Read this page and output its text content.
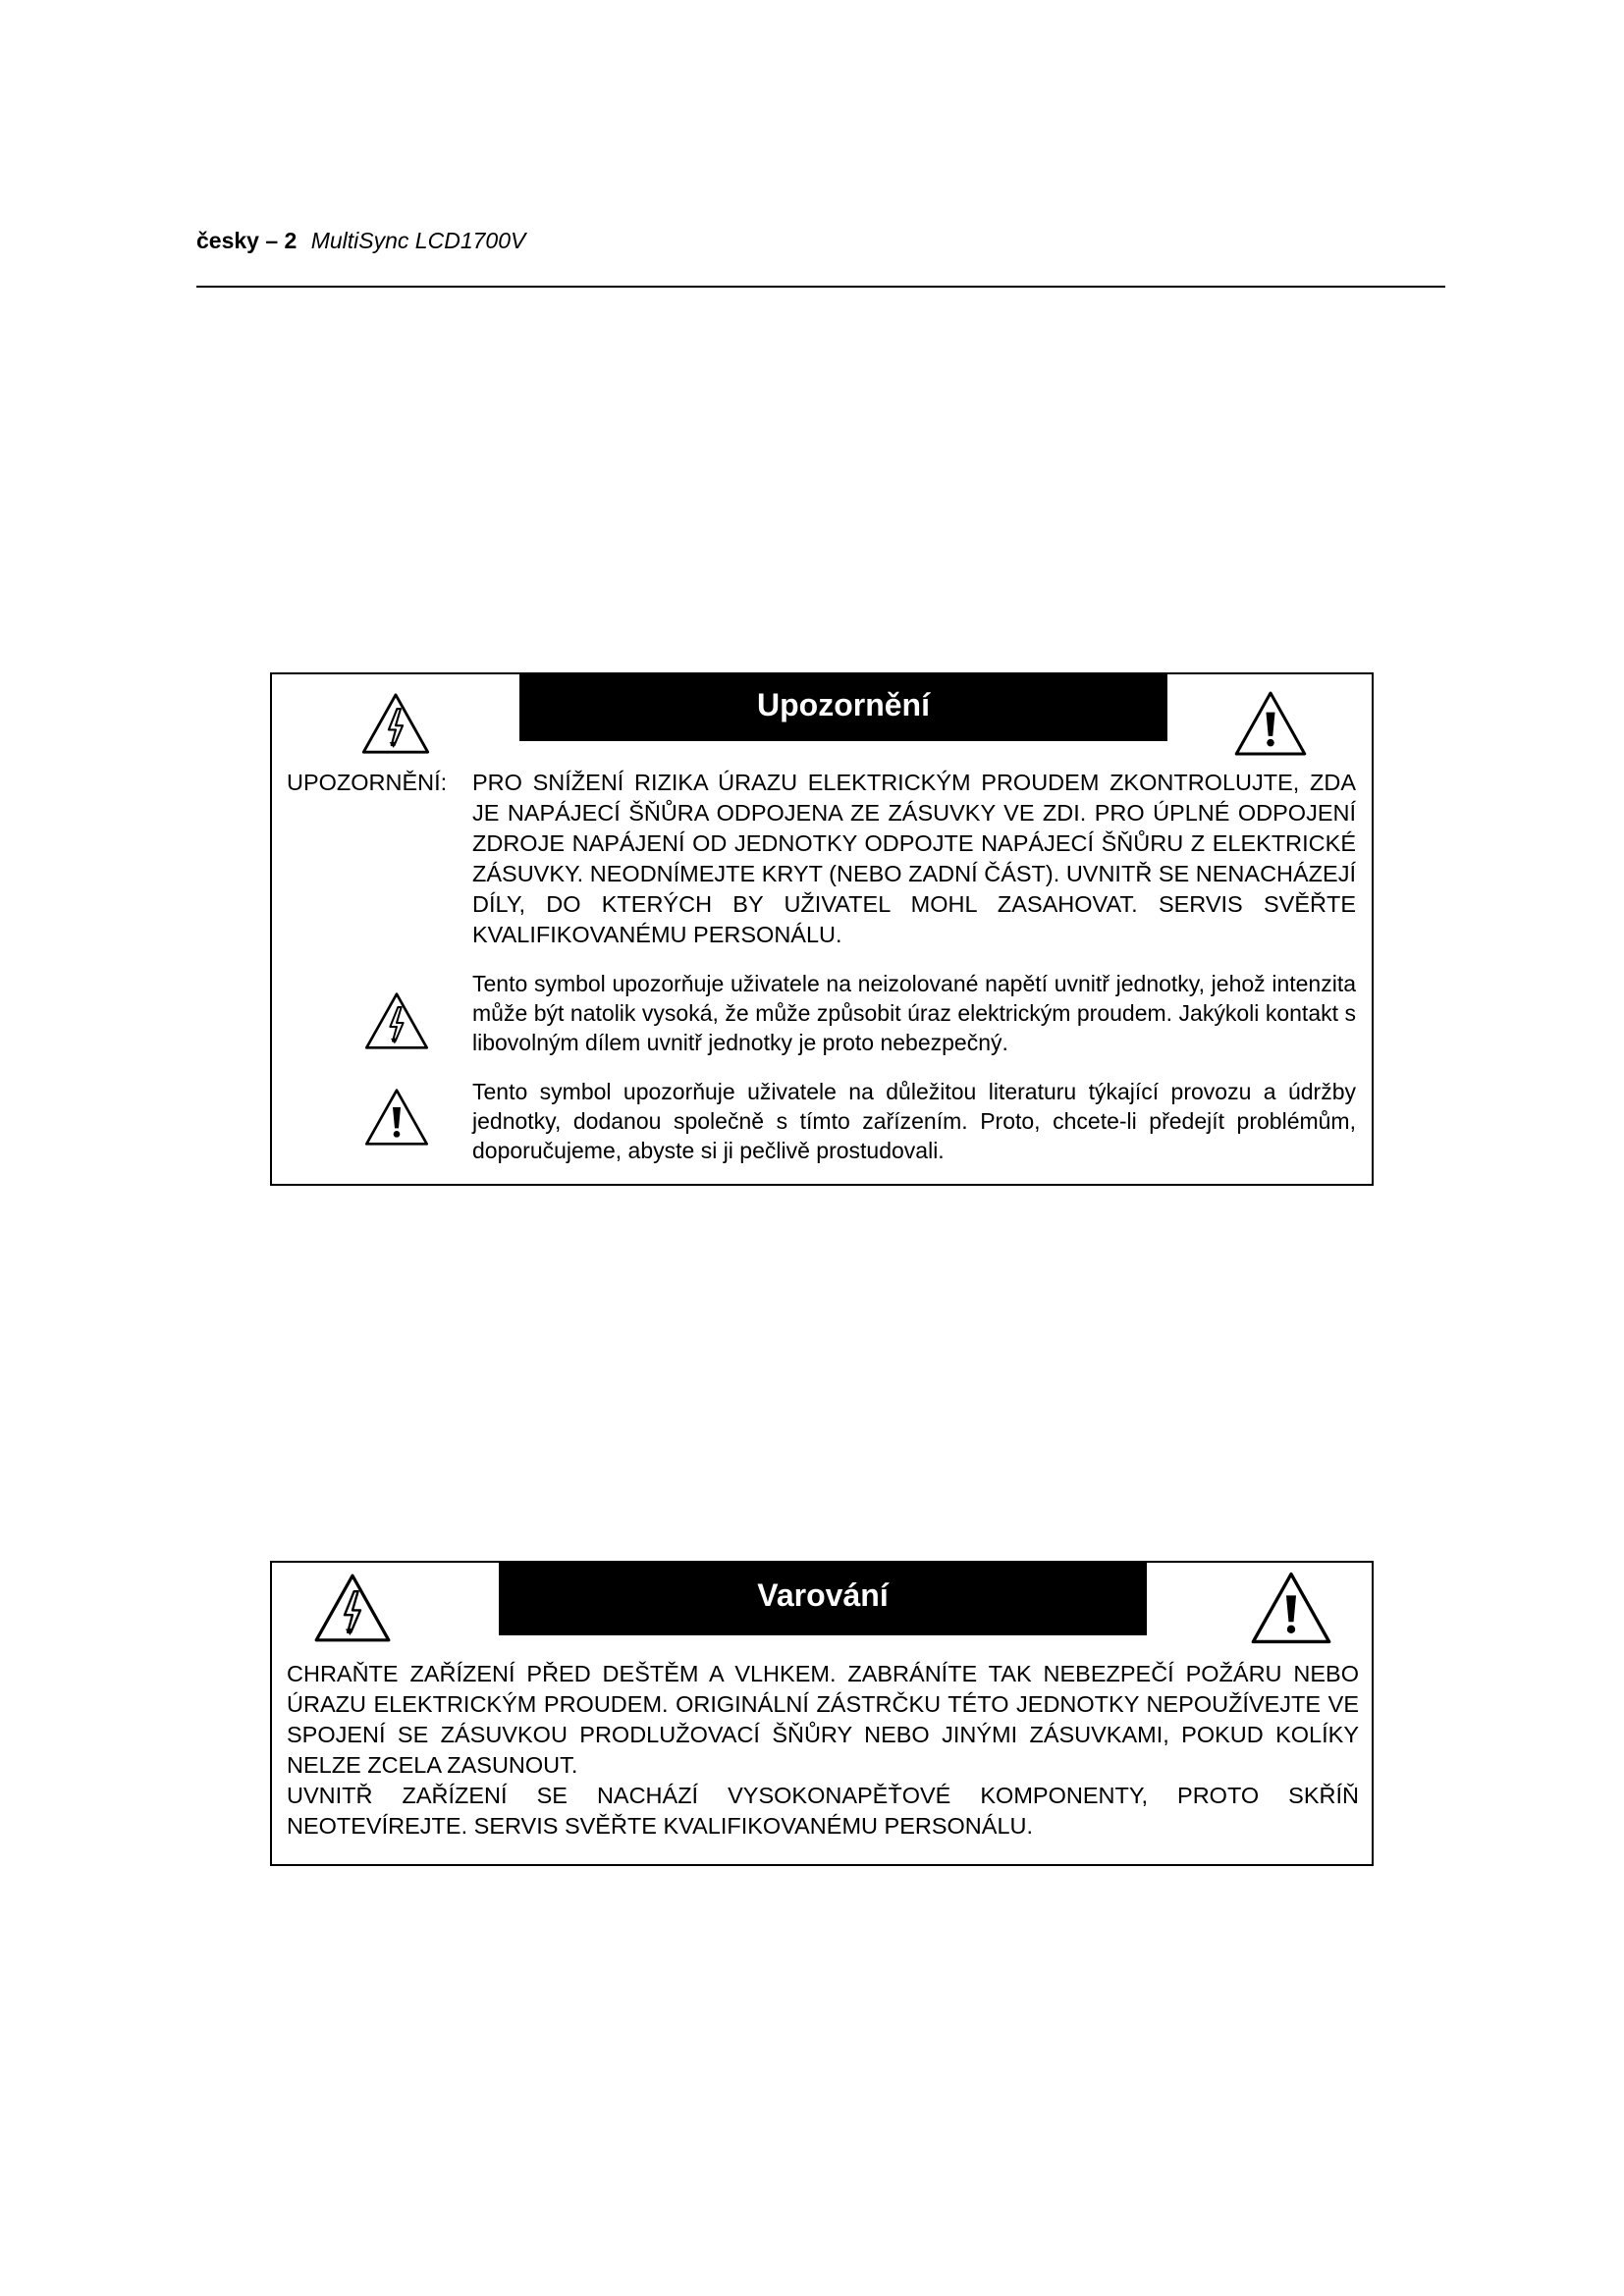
česky – 2 MultiSync LCD1700V
Upozornění
UPOZORNĚNÍ: PRO SNÍŽENÍ RIZIKA ÚRAZU ELEKTRICKÝM PROUDEM ZKONTROLUJTE, ZDA JE NAPÁJECÍ ŠŇŮRA ODPOJENA ZE ZÁSUVKY VE ZDI. PRO ÚPLNÉ ODPOJENÍ ZDROJE NAPÁJENÍ OD JEDNOTKY ODPOJTE NAPÁJECÍ ŠŇŮRU Z ELEKTRICKÉ ZÁSUVKY. NEODNÍMEJTE KRYT (NEBO ZADNÍ ČÁST). UVNITŘ SE NENACHÁZEJÍ DÍLY, DO KTERÝCH BY UŽIVATEL MOHL ZASAHOVAT. SERVIS SVĚŘTE KVALIFIKOVANÉMU PERSONÁLU.
Tento symbol upozorňuje uživatele na neizolované napětí uvnitř jednotky, jehož intenzita může být natolik vysoká, že může způsobit úraz elektrickým proudem. Jakýkoli kontakt s libovolným dílem uvnitř jednotky je proto nebezpečný.
Tento symbol upozorňuje uživatele na důležitou literaturu týkající provozu a údržby jednotky, dodanou společně s tímto zařízením. Proto, chcete-li předejít problémům, doporučujeme, abyste si ji pečlivě prostudovali.
Varování

CHRAŇTE ZAŘÍZENÍ PŘED DEŠTĚM A VLHKEM. ZABRÁNÍTE TAK NEBEZPEČÍ POŽÁRU NEBO ÚRAZU ELEKTRICKÝM PROUDEM. ORIGINÁLNÍ ZÁSTRČKU TÉTO JEDNOTKY NEPOUŽÍVEJTE VE SPOJENÍ SE ZÁSUVKOU PRODLUŽOVACÍ ŠŇŮRY NEBO JINÝMI ZÁSUVKAMI, POKUD KOLÍKY NELZE ZCELA ZASUNOUT.

UVNITŘ ZAŘÍZENÍ SE NACHÁZÍ VYSOKONAPĚŤOVÉ KOMPONENTY, PROTO SKŘÍŇ NEOTEVÍREJTE. SERVIS SVĚŘTE KVALIFIKOVANÉMU PERSONÁLU.
